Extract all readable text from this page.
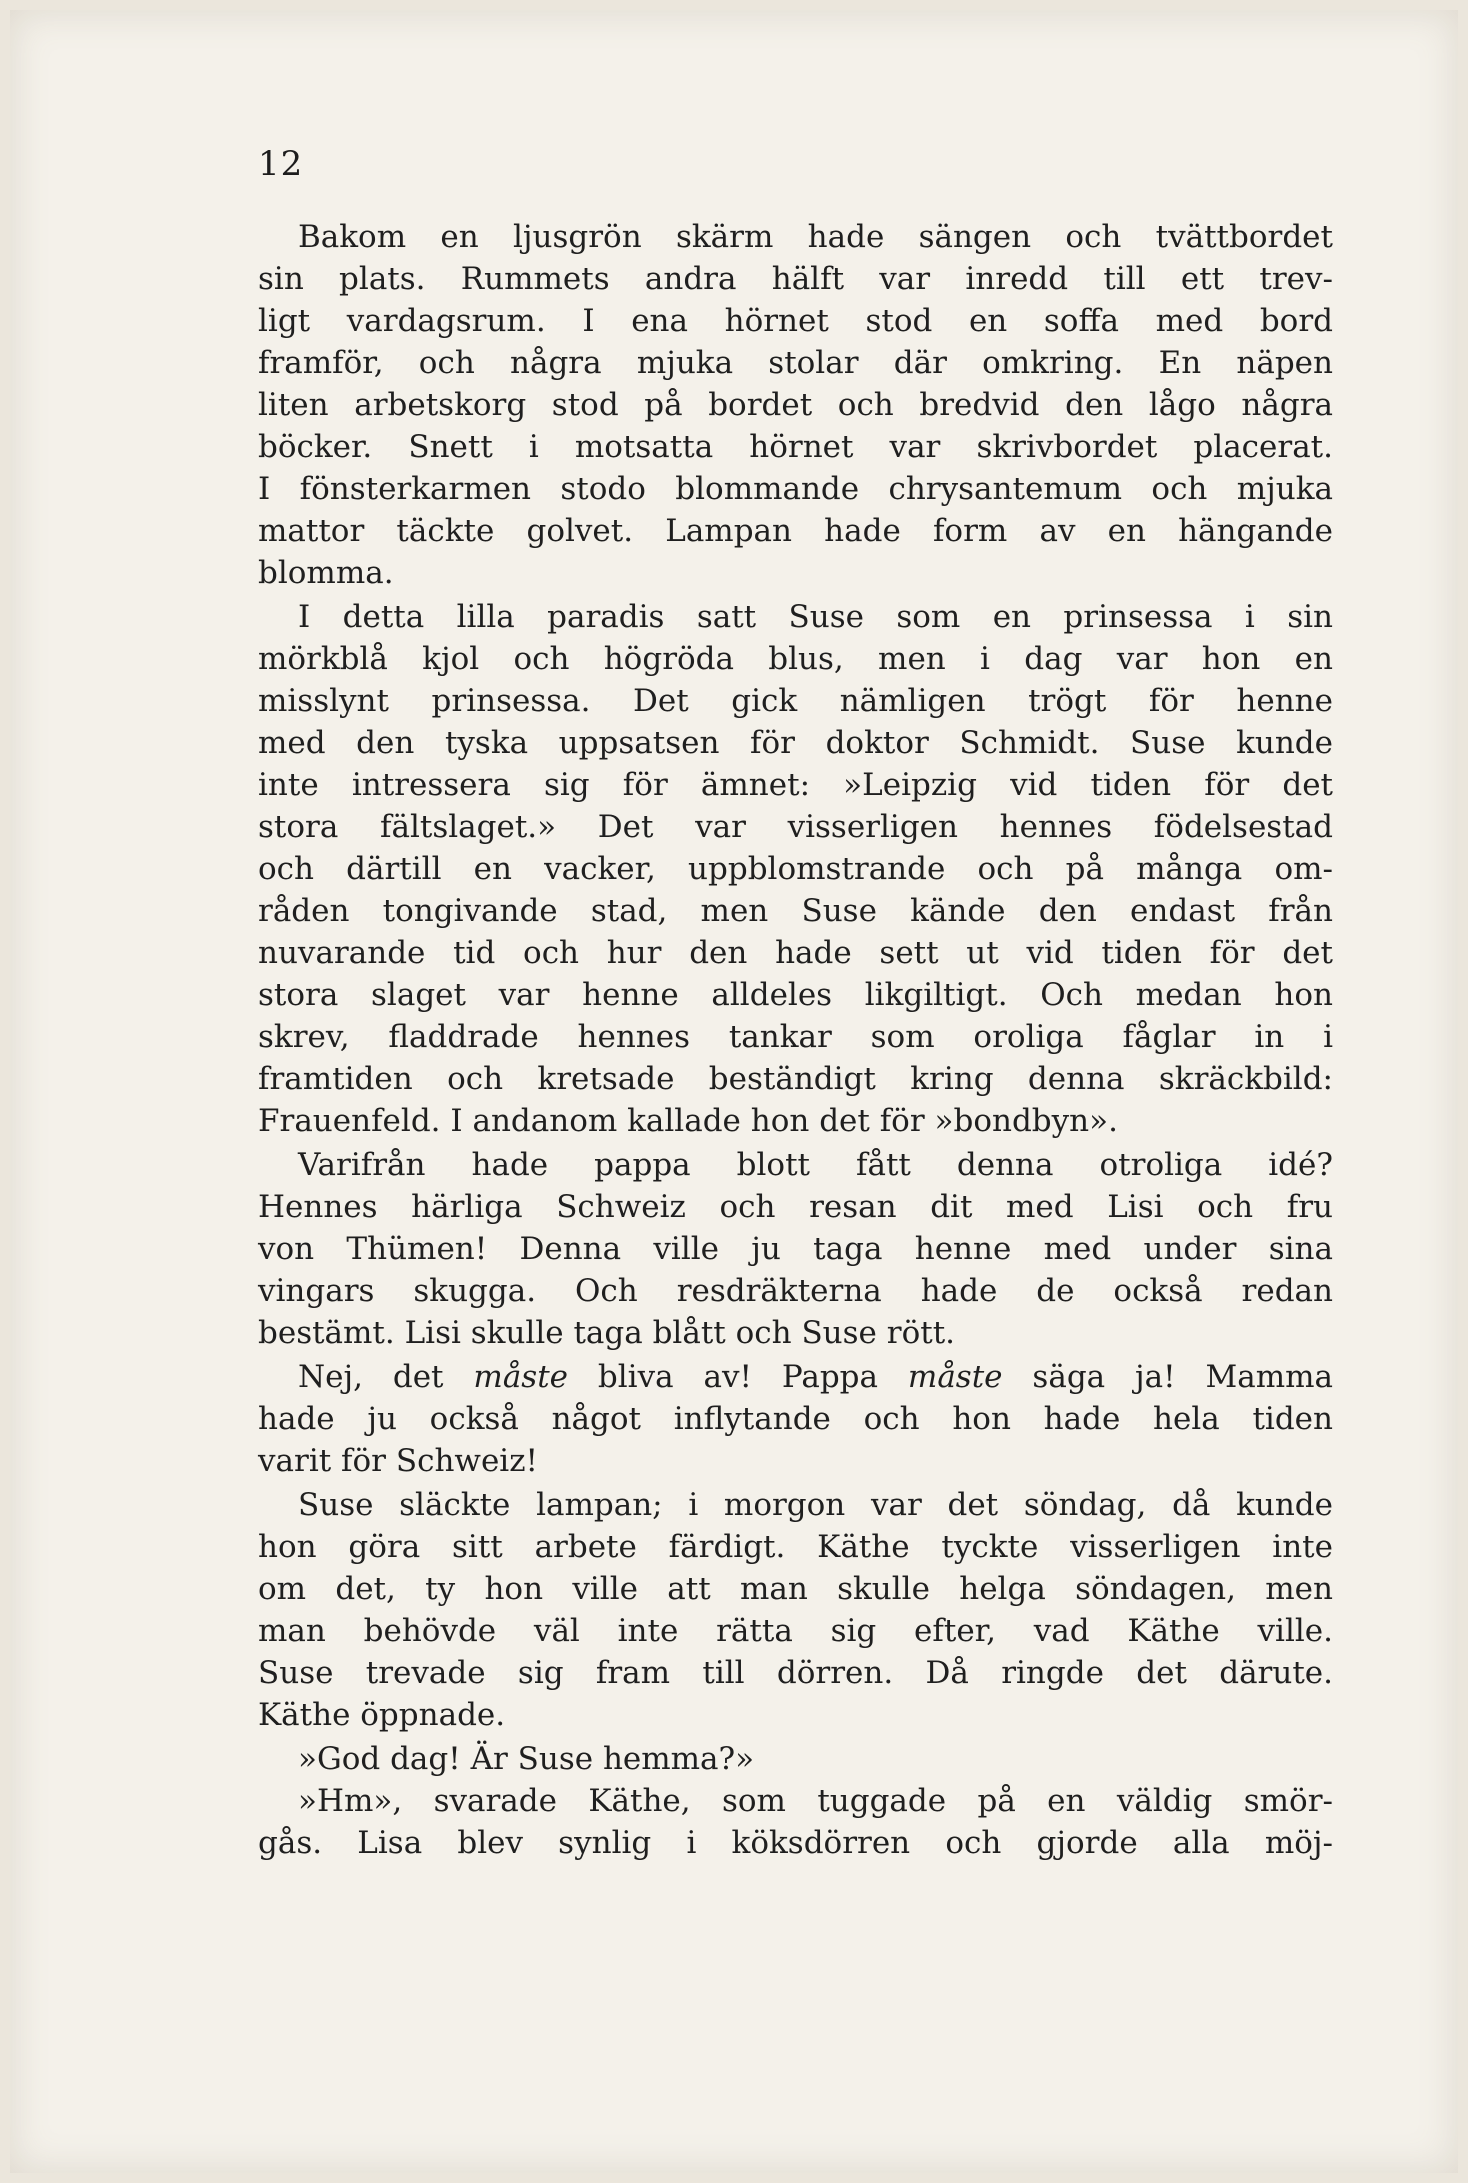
12
Bakom en ljusgrön skärm hade sängen och tvättbordet
sin plats. Rummets andra hälft var inredd till ett trev-
ligt vardagsrum. I ena hörnet stod en soffa med bord
framför, och några mjuka stolar där omkring. En näpen
liten arbetskorg stod på bordet och bredvid den lågo några
böcker. Snett i motsatta hörnet var skrivbordet placerat.
I fönsterkarmen stodo blommande chrysantemum och mjuka
mattor täckte golvet. Lampan hade form av en hängande
blomma.
I detta lilla paradis satt Suse som en prinsessa i sin
mörkblå kjol och högröda blus, men i dag var hon en
misslynt prinsessa. Det gick nämligen trögt för henne
med den tyska uppsatsen för doktor Schmidt. Suse kunde
inte intressera sig för ämnet: »Leipzig vid tiden för det
stora fältslaget.» Det var visserligen hennes födelsestad
och därtill en vacker, uppblomstrande och på många om-
råden tongivande stad, men Suse kände den endast från
nuvarande tid och hur den hade sett ut vid tiden för det
stora slaget var henne alldeles likgiltigt. Och medan hon
skrev, fladdrade hennes tankar som oroliga fåglar in i
framtiden och kretsade beständigt kring denna skräckbild:
Frauenfeld. I andanom kallade hon det för »bondbyn».
Varifrån hade pappa blott fått denna otroliga idé?
Hennes härliga Schweiz och resan dit med Lisi och fru
von Thümen! Denna ville ju taga henne med under sina
vingars skugga. Och resdräkterna hade de också redan
bestämt. Lisi skulle taga blått och Suse rött.
Nej, det måste bliva av! Pappa måste säga ja! Mamma
hade ju också något inflytande och hon hade hela tiden
varit för Schweiz!
Suse släckte lampan; i morgon var det söndag, då kunde
hon göra sitt arbete färdigt. Käthe tyckte visserligen inte
om det, ty hon ville att man skulle helga söndagen, men
man behövde väl inte rätta sig efter, vad Käthe ville.
Suse trevade sig fram till dörren. Då ringde det därute.
Käthe öppnade.
»God dag! Är Suse hemma?»
»Hm», svarade Käthe, som tuggade på en väldig smör-
gås. Lisa blev synlig i köksdörren och gjorde alla möj-
